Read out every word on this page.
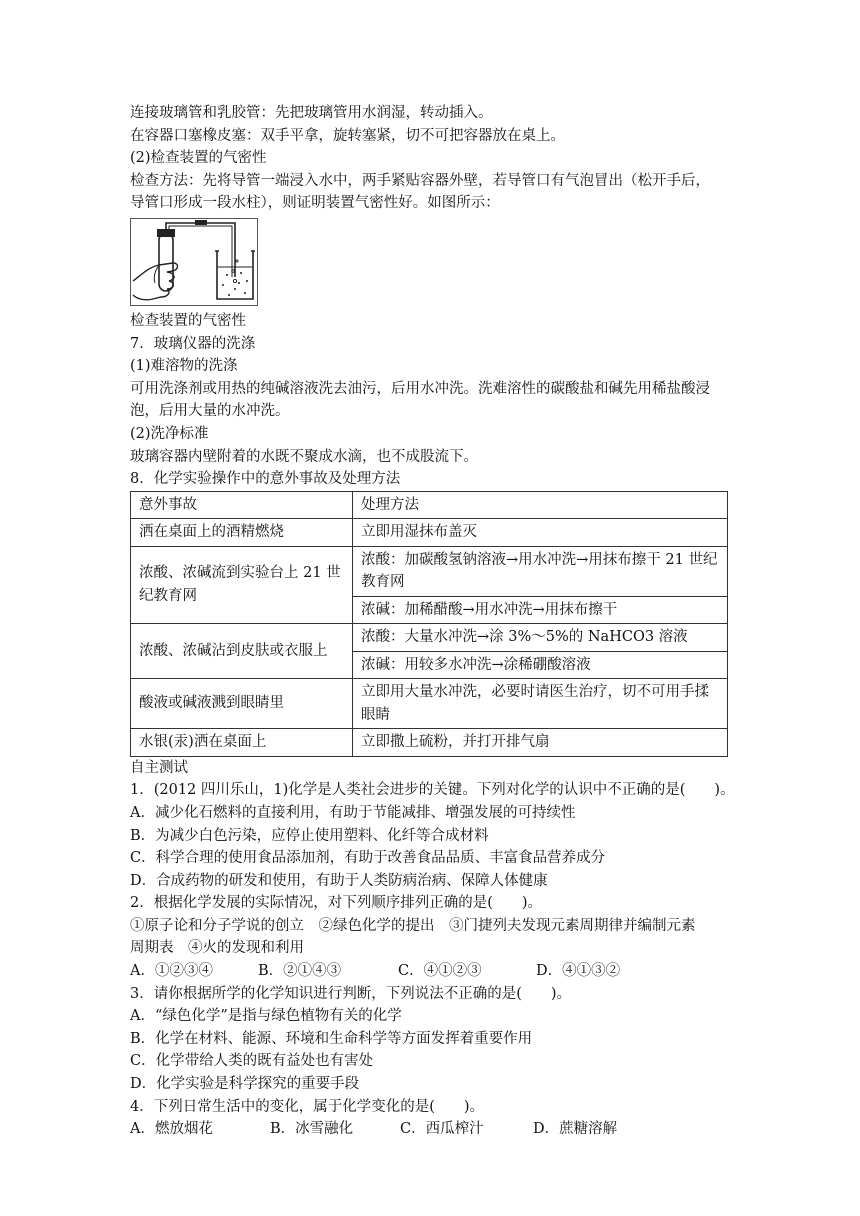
连接玻璃管和乳胶管：先把玻璃管用水润湿，转动插入。
在容器口塞橡皮塞：双手平拿，旋转塞紧，切不可把容器放在桌上。
(2)检查装置的气密性
检查方法：先将导管一端浸入水中，两手紧贴容器外壁，若导管口有气泡冒出（松开手后，
导管口形成一段水柱），则证明装置气密性好。如图所示：
检查装置的气密性
7．玻璃仪器的洗涤
(1)难溶物的洗涤
可用洗涤剂或用热的纯碱溶液洗去油污，后用水冲洗。洗难溶性的碳酸盐和碱先用稀盐酸浸
泡，后用大量的水冲洗。
(2)洗净标准
玻璃容器内壁附着的水既不聚成水滴，也不成股流下。
8．化学实验操作中的意外事故及处理方法
意外事故	处理方法
洒在桌面上的酒精燃烧	立即用湿抹布盖灭
浓酸、浓碱流到实验台上 21 世纪教育网	浓酸：加碳酸氢钠溶液→用水冲洗→用抹布擦干 21 世纪教育网
	浓碱：加稀醋酸→用水冲洗→用抹布擦干
浓酸、浓碱沾到皮肤或衣服上	浓酸：大量水冲洗→涂 3%～5%的 NaHCO3 溶液
	浓碱：用较多水冲洗→涂稀硼酸溶液
酸液或碱液溅到眼睛里	立即用大量水冲洗，必要时请医生治疗，切不可用手揉眼睛
水银(汞)洒在桌面上	立即撒上硫粉，并打开排气扇
自主测试
1．(2012 四川乐山，1)化学是人类社会进步的关键。下列对化学的认识中不正确的是(　　)。
A．减少化石燃料的直接利用，有助于节能减排、增强发展的可持续性
B．为减少白色污染，应停止使用塑料、化纤等合成材料
C．科学合理的使用食品添加剂，有助于改善食品品质、丰富食品营养成分
D．合成药物的研发和使用，有助于人类防病治病、保障人体健康
2．根据化学发展的实际情况，对下列顺序排列正确的是(　　)。
①原子论和分子学说的创立　②绿色化学的提出　③门捷列夫发现元素周期律并编制元素
周期表　④火的发现和利用
A．①②③④	B．②①④③	C．④①②③	D．④①③②
3．请你根据所学的化学知识进行判断，下列说法不正确的是(　　)。
A．“绿色化学”是指与绿色植物有关的化学
B．化学在材料、能源、环境和生命科学等方面发挥着重要作用
C．化学带给人类的既有益处也有害处
D．化学实验是科学探究的重要手段
4．下列日常生活中的变化，属于化学变化的是(　　)。
A．燃放烟花	B．冰雪融化	C．西瓜榨汁	D．蔗糖溶解
